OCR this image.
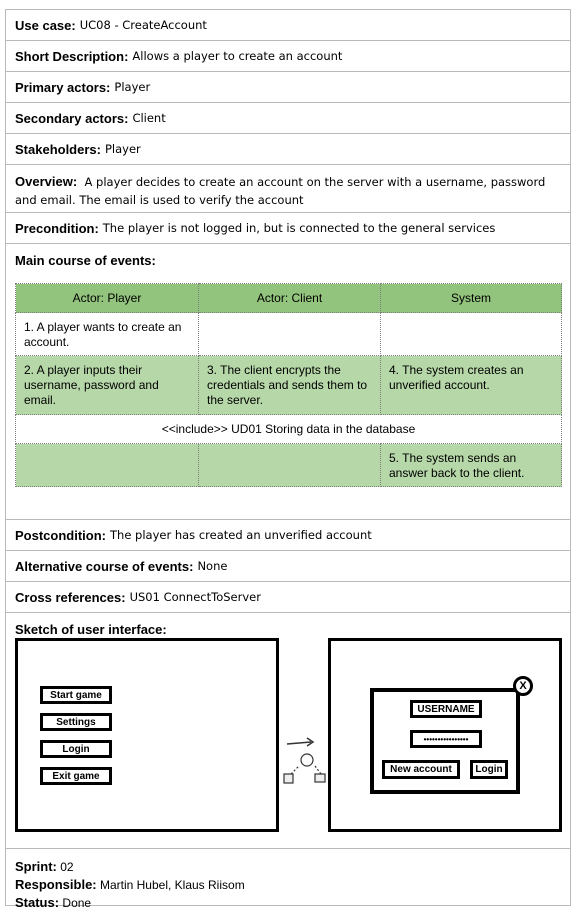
Use case: UC08 - CreateAccount
Short Description: Allows a player to create an account
Primary actors: Player
Secondary actors: Client
Stakeholders: Player
Overview: A player decides to create an account on the server with a username, password and email. The email is used to verify the account
Precondition: The player is not logged in, but is connected to the general services
Main course of events:
Actor: Player	Actor: Client	System
1. A player wants to create an account.		
2. A player inputs their username, password and email.	3. The client encrypts the credentials and sends them to the server.	4. The system creates an unverified account.
<<include>> UD01 Storing data in the database		
		5. The system sends an answer back to the client.
Postcondition: The player has created an unverified account
Alternative course of events: None
Cross references: US01 ConnectToServer
Sketch of user interface:
Start game
Settings
Login
Exit game
USERNAME
••••••••••••••••
New account	Login
X
Sprint: 02
Responsible: Martin Hubel, Klaus Riisom
Status: Done
